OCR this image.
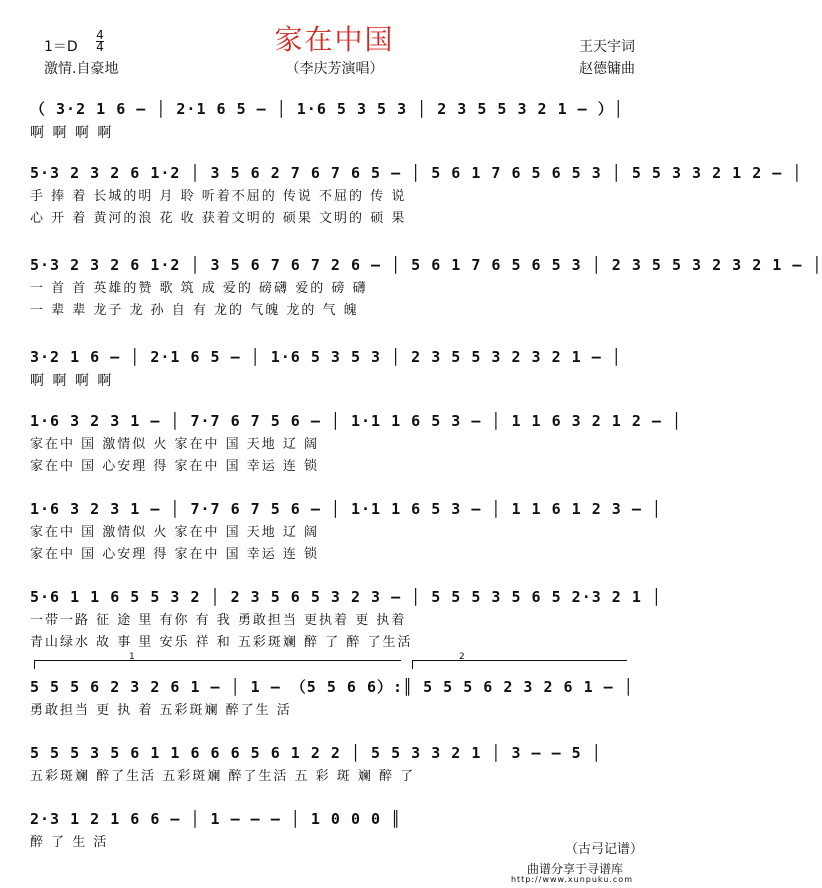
家在中国
1＝D
4
4
激情.自豪地	（李庆芳演唱）
王天宇词
赵德镛曲
（ 3·2 1 6 – │ 2·1 6 5 – │ 1·6 5 3 5 3 │ 2 3 5 5 3 2 1 – ）│
啊 啊 啊 啊
5·3 2 3 2 6 1·2 │ 3 5 6 2 7 6 7 6 5 – │ 5 6 1 7 6 5 6 5 3 │ 5 5 3 3 2 1 2 – │
手 捧 着 长城的明 月 聆 听着不屈的 传说 不屈的 传 说
心 开 着 黄河的浪 花 收 获着文明的 硕果 文明的 硕 果
5·3 2 3 2 6 1·2 │ 3 5 6 7 6 7 2 6 – │ 5 6 1 7 6 5 6 5 3 │ 2 3 5 5 3 2 3 2 1 – │
一 首 首 英雄的赞 歌 筑 成 爱的 磅礴 爱的 磅 礴
一 辈 辈 龙子 龙 孙 自 有 龙的 气魄 龙的 气 魄
3·2 1 6 – │ 2·1 6 5 – │ 1·6 5 3 5 3 │ 2 3 5 5 3 2 3 2 1 – │
啊 啊 啊 啊
1·6 3 2 3 1 – │ 7·7 6 7 5 6 – │ 1·1 1 6 5 3 – │ 1 1 6 3 2 1 2 – │
家在中 国 激情似 火 家在中 国 天地 辽 阔
家在中 国 心安理 得 家在中 国 幸运 连 锁
1·6 3 2 3 1 – │ 7·7 6 7 5 6 – │ 1·1 1 6 5 3 – │ 1 1 6 1 2 3 – │
家在中 国 激情似 火 家在中 国 天地 辽 阔
家在中 国 心安理 得 家在中 国 幸运 连 锁
5·6 1 1 6 5 5 3 2 │ 2 3 5 6 5 3 2 3 – │ 5 5 5 3 5 6 5 2·3 2 1 │
一带一路 征 途 里 有你 有 我 勇敢担当 更执着 更 执着
青山绿水 故 事 里 安乐 祥 和 五彩斑斓 醉 了 醉 了生活
1	2
5 5 5 6 2 3 2 6 1 – │ 1 – （5 5 6 6）:║ 5 5 5 6 2 3 2 6 1 – │
勇敢担当 更 执 着 五彩斑斓 醉了生 活
5 5 5 3 5 6 1 1 6 6 6 5 6 1 2 2 │ 5 5 3 3 2 1 │ 3 – – 5 │
五彩斑斓 醉了生活 五彩斑斓 醉了生活 五 彩 斑 斓 醉 了
2·3 1 2 1 6 6 – │ 1 – – – │ 1 0 0 0 ║
醉 了 生 活	（古弓记谱）
曲谱分享于寻谱库
http://www.xunpuku.com
